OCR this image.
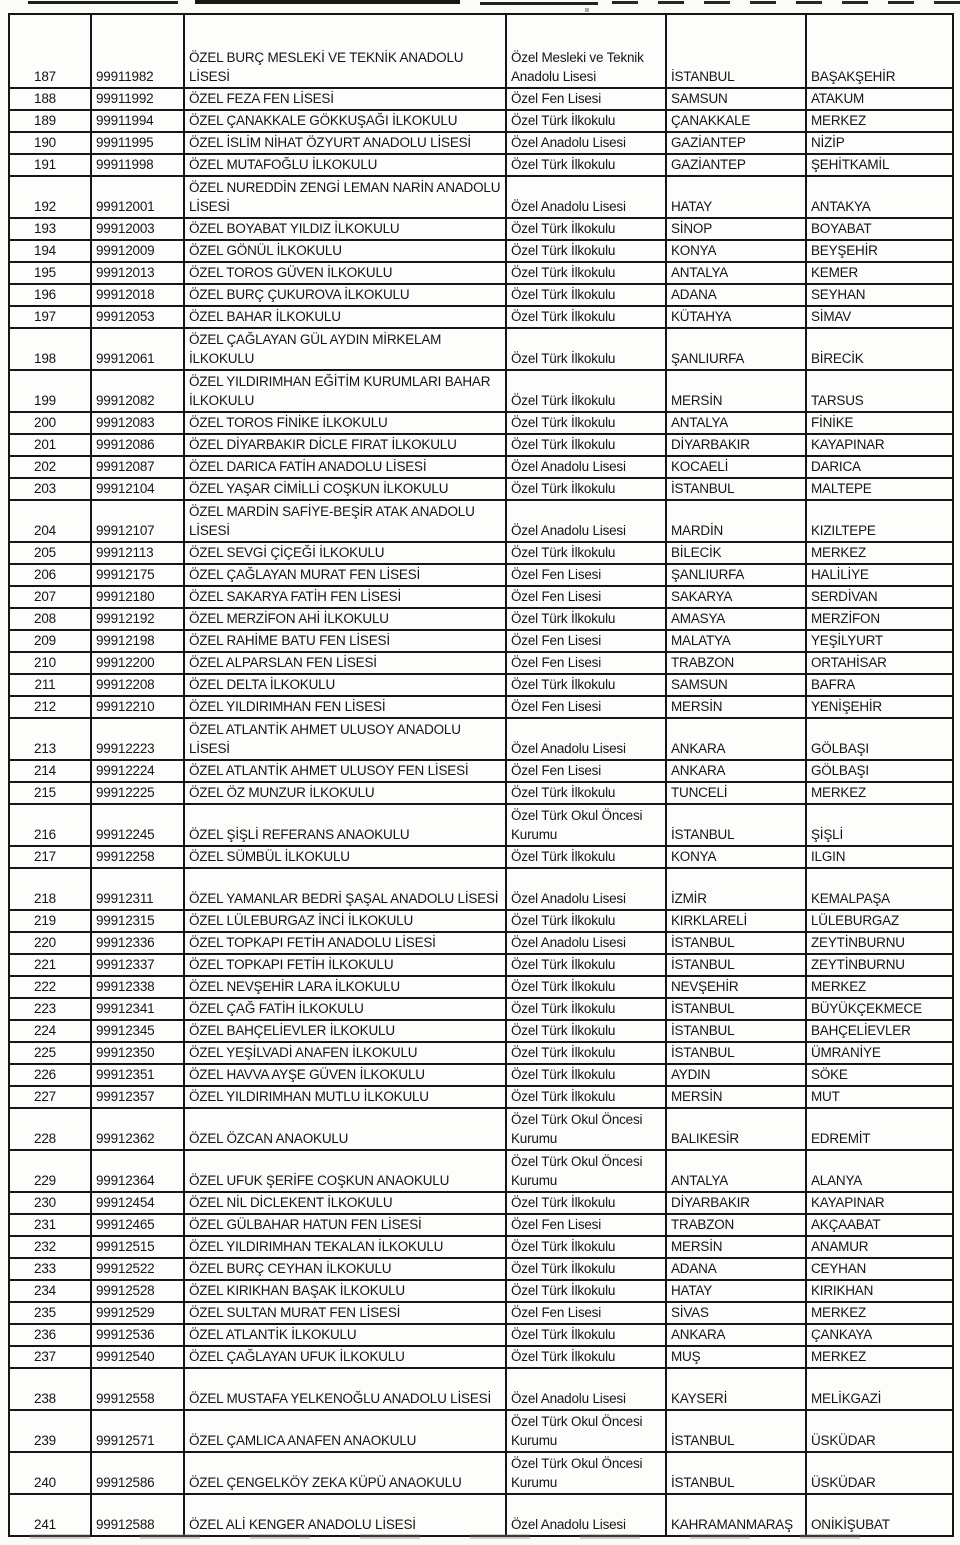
187	99911982	ÖZEL BURÇ MESLEKİ VE TEKNİK ANADOLU LİSESİ	Özel Mesleki ve Teknik Anadolu Lisesi	İSTANBUL	BAŞAKŞEHİR
188	99911992	ÖZEL FEZA FEN LİSESİ	Özel Fen Lisesi	SAMSUN	ATAKUM
189	99911994	ÖZEL ÇANAKKALE GÖKKUŞAĞI İLKOKULU	Özel Türk İlkokulu	ÇANAKKALE	MERKEZ
190	99911995	ÖZEL İSLİM NİHAT ÖZYURT ANADOLU LİSESİ	Özel Anadolu Lisesi	GAZİANTEP	NİZİP
191	99911998	ÖZEL MUTAFOĞLU İLKOKULU	Özel Türk İlkokulu	GAZİANTEP	ŞEHİTKAMİL
192	99912001	ÖZEL NUREDDİN ZENGİ LEMAN NARİN ANADOLU LİSESİ	Özel Anadolu Lisesi	HATAY	ANTAKYA
193	99912003	ÖZEL BOYABAT YILDIZ İLKOKULU	Özel Türk İlkokulu	SİNOP	BOYABAT
194	99912009	ÖZEL GÖNÜL İLKOKULU	Özel Türk İlkokulu	KONYA	BEYŞEHİR
195	99912013	ÖZEL TOROS GÜVEN İLKOKULU	Özel Türk İlkokulu	ANTALYA	KEMER
196	99912018	ÖZEL BURÇ ÇUKUROVA İLKOKULU	Özel Türk İlkokulu	ADANA	SEYHAN
197	99912053	ÖZEL BAHAR İLKOKULU	Özel Türk İlkokulu	KÜTAHYA	SİMAV
198	99912061	ÖZEL ÇAĞLAYAN GÜL AYDIN MİRKELAM İLKOKULU	Özel Türk İlkokulu	ŞANLIURFA	BİRECİK
199	99912082	ÖZEL YILDIRIMHAN EĞİTİM KURUMLARI BAHAR İLKOKULU	Özel Türk İlkokulu	MERSİN	TARSUS
200	99912083	ÖZEL TOROS FİNİKE İLKOKULU	Özel Türk İlkokulu	ANTALYA	FİNİKE
201	99912086	ÖZEL DİYARBAKIR DİCLE FIRAT İLKOKULU	Özel Türk İlkokulu	DİYARBAKIR	KAYAPINAR
202	99912087	ÖZEL DARICA FATİH ANADOLU LİSESİ	Özel Anadolu Lisesi	KOCAELİ	DARICA
203	99912104	ÖZEL YAŞAR CİMİLLİ COŞKUN İLKOKULU	Özel Türk İlkokulu	İSTANBUL	MALTEPE
204	99912107	ÖZEL MARDİN SAFİYE-BEŞİR ATAK ANADOLU LİSESİ	Özel Anadolu Lisesi	MARDİN	KIZILTEPE
205	99912113	ÖZEL SEVGİ ÇİÇEĞİ İLKOKULU	Özel Türk İlkokulu	BİLECİK	MERKEZ
206	99912175	ÖZEL ÇAĞLAYAN MURAT FEN LİSESİ	Özel Fen Lisesi	ŞANLIURFA	HALİLİYE
207	99912180	ÖZEL SAKARYA FATİH FEN LİSESİ	Özel Fen Lisesi	SAKARYA	SERDİVAN
208	99912192	ÖZEL MERZİFON AHİ İLKOKULU	Özel Türk İlkokulu	AMASYA	MERZİFON
209	99912198	ÖZEL RAHİME BATU FEN LİSESİ	Özel Fen Lisesi	MALATYA	YEŞİLYURT
210	99912200	ÖZEL ALPARSLAN FEN LİSESİ	Özel Fen Lisesi	TRABZON	ORTAHİSAR
211	99912208	ÖZEL DELTA İLKOKULU	Özel Türk İlkokulu	SAMSUN	BAFRA
212	99912210	ÖZEL YILDIRIMHAN FEN LİSESİ	Özel Fen Lisesi	MERSİN	YENİŞEHİR
213	99912223	ÖZEL ATLANTİK AHMET ULUSOY ANADOLU LİSESİ	Özel Anadolu Lisesi	ANKARA	GÖLBAŞI
214	99912224	ÖZEL ATLANTİK AHMET ULUSOY FEN LİSESİ	Özel Fen Lisesi	ANKARA	GÖLBAŞI
215	99912225	ÖZEL ÖZ MUNZUR İLKOKULU	Özel Türk İlkokulu	TUNCELİ	MERKEZ
216	99912245	ÖZEL ŞİŞLİ REFERANS ANAOKULU	Özel Türk Okul Öncesi Kurumu	İSTANBUL	ŞİŞLİ
217	99912258	ÖZEL SÜMBÜL İLKOKULU	Özel Türk İlkokulu	KONYA	ILGIN
218	99912311	ÖZEL YAMANLAR BEDRİ ŞAŞAL ANADOLU LİSESİ	Özel Anadolu Lisesi	İZMİR	KEMALPAŞA
219	99912315	ÖZEL LÜLEBURGAZ İNCİ İLKOKULU	Özel Türk İlkokulu	KIRKLARELİ	LÜLEBURGAZ
220	99912336	ÖZEL TOPKAPI FETİH ANADOLU LİSESİ	Özel Anadolu Lisesi	İSTANBUL	ZEYTİNBURNU
221	99912337	ÖZEL TOPKAPI FETİH İLKOKULU	Özel Türk İlkokulu	İSTANBUL	ZEYTİNBURNU
222	99912338	ÖZEL NEVŞEHİR LARA İLKOKULU	Özel Türk İlkokulu	NEVŞEHİR	MERKEZ
223	99912341	ÖZEL ÇAĞ FATİH İLKOKULU	Özel Türk İlkokulu	İSTANBUL	BÜYÜKÇEKMECE
224	99912345	ÖZEL BAHÇELİEVLER İLKOKULU	Özel Türk İlkokulu	İSTANBUL	BAHÇELİEVLER
225	99912350	ÖZEL YEŞİLVADİ ANAFEN İLKOKULU	Özel Türk İlkokulu	İSTANBUL	ÜMRANİYE
226	99912351	ÖZEL HAVVA AYŞE GÜVEN İLKOKULU	Özel Türk İlkokulu	AYDIN	SÖKE
227	99912357	ÖZEL YILDIRIMHAN MUTLU İLKOKULU	Özel Türk İlkokulu	MERSİN	MUT
228	99912362	ÖZEL ÖZCAN ANAOKULU	Özel Türk Okul Öncesi Kurumu	BALIKESİR	EDREMİT
229	99912364	ÖZEL UFUK ŞERİFE COŞKUN ANAOKULU	Özel Türk Okul Öncesi Kurumu	ANTALYA	ALANYA
230	99912454	ÖZEL NİL DİCLEKENT İLKOKULU	Özel Türk İlkokulu	DİYARBAKIR	KAYAPINAR
231	99912465	ÖZEL GÜLBAHAR HATUN FEN LİSESİ	Özel Fen Lisesi	TRABZON	AKÇAABAT
232	99912515	ÖZEL YILDIRIMHAN TEKALAN İLKOKULU	Özel Türk İlkokulu	MERSİN	ANAMUR
233	99912522	ÖZEL BURÇ CEYHAN İLKOKULU	Özel Türk İlkokulu	ADANA	CEYHAN
234	99912528	ÖZEL KIRIKHAN BAŞAK İLKOKULU	Özel Türk İlkokulu	HATAY	KIRIKHAN
235	99912529	ÖZEL SULTAN MURAT FEN LİSESİ	Özel Fen Lisesi	SİVAS	MERKEZ
236	99912536	ÖZEL ATLANTİK İLKOKULU	Özel Türk İlkokulu	ANKARA	ÇANKAYA
237	99912540	ÖZEL ÇAĞLAYAN UFUK İLKOKULU	Özel Türk İlkokulu	MUŞ	MERKEZ
238	99912558	ÖZEL MUSTAFA YELKENOĞLU ANADOLU LİSESİ	Özel Anadolu Lisesi	KAYSERİ	MELİKGAZİ
239	99912571	ÖZEL ÇAMLICA ANAFEN ANAOKULU	Özel Türk Okul Öncesi Kurumu	İSTANBUL	ÜSKÜDAR
240	99912586	ÖZEL ÇENGELKÖY ZEKA KÜPÜ ANAOKULU	Özel Türk Okul Öncesi Kurumu	İSTANBUL	ÜSKÜDAR
241	99912588	ÖZEL ALİ KENGER ANADOLU LİSESİ	Özel Anadolu Lisesi	KAHRAMANMARAŞ	ONİKİŞUBAT
